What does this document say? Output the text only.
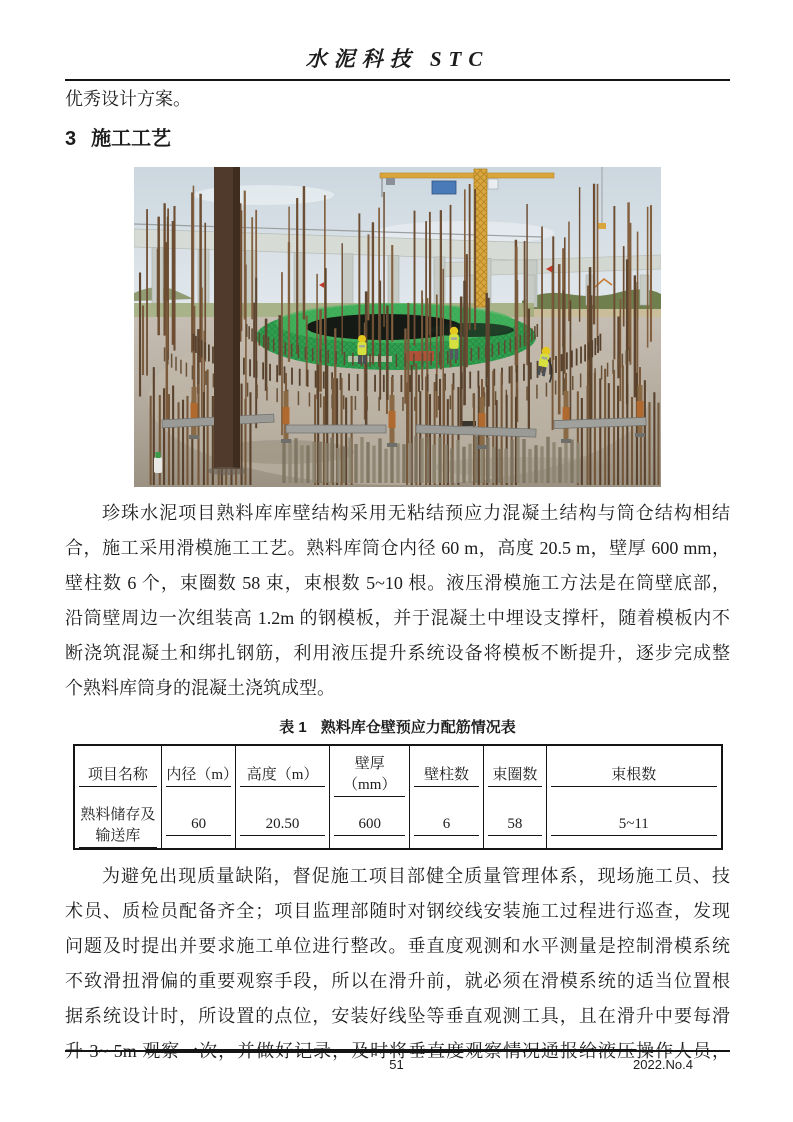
水泥科技 STC
优秀设计方案。
3 施工工艺
珍珠水泥项目熟料库库壁结构采用无粘结预应力混凝土结构与筒仓结构相结
合，施工采用滑模施工工艺。熟料库筒仓内径 60 m，高度 20.5 m，壁厚 600 mm，
壁柱数 6 个，束圈数 58 束，束根数 5~10 根。液压滑模施工方法是在筒壁底部，
沿筒壁周边一次组装高 1.2m 的钢模板，并于混凝土中埋设支撑杆，随着模板内不
断浇筑混凝土和绑扎钢筋，利用液压提升系统设备将模板不断提升，逐步完成整
个熟料库筒身的混凝土浇筑成型。
表 1 熟料库仓壁预应力配筋情况表
项目名称	内径（m）	高度（m）	壁厚（mm）	壁柱数	束圈数	束根数

熟料储存及输送库	60	20.50	600	6	58	5~11
为避免出现质量缺陷，督促施工项目部健全质量管理体系，现场施工员、技
术员、质检员配备齐全；项目监理部随时对钢绞线安装施工过程进行巡查，发现
问题及时提出并要求施工单位进行整改。垂直度观测和水平测量是控制滑模系统
不致滑扭滑偏的重要观察手段，所以在滑升前，就必须在滑模系统的适当位置根
据系统设计时，所设置的点位，安装好线坠等垂直观测工具，且在滑升中要每滑
51	2022.No.4
